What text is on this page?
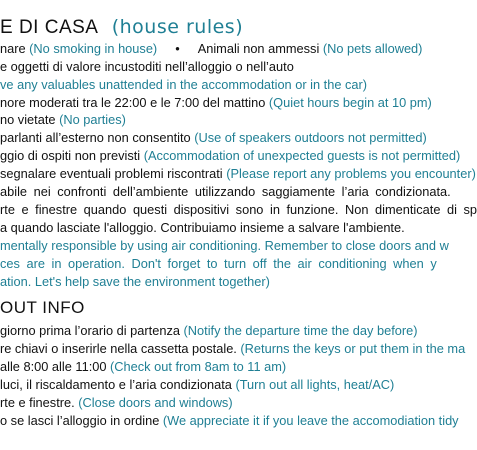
E DI CASA (house rules)
nare (No smoking in house) • Animali non ammessi (No pets allowed)
e oggetti di valore incustoditi nell’alloggio o nell’auto
ve any valuables unattended in the accommodation or in the car)
nore moderati tra le 22:00 e le 7:00 del mattino (Quiet hours begin at 10 pm)
no vietate (No parties)
parlanti all’esterno non consentito (Use of speakers outdoors not permitted)
ggio di ospiti non previsti (Accommodation of unexpected guests is not permitted)
segnalare eventuali problemi riscontrati (Please report any problems you encounter)
abile nei confronti dell’ambiente utilizzando saggiamente l’aria condizionata.
rte e finestre quando questi dispositivi sono in funzione. Non dimenticate di sp
a quando lasciate l'alloggio. Contribuiamo insieme a salvare l'ambiente.
mentally responsible by using air conditioning. Remember to close doors and w
ces are in operation. Don't forget to turn off the air conditioning when y
ation. Let's help save the environment together)
OUT INFO
giorno prima l’orario di partenza (Notify the departure time the day before)
re chiavi o inserirle nella cassetta postale. (Returns the keys or put them in the ma
alle 8:00 alle 11:00 (Check out from 8am to 11 am)
luci, il riscaldamento e l’aria condizionata (Turn out all lights, heat/AC)
rte e finestre. (Close doors and windows)
o se lasci l’alloggio in ordine (We appreciate it if you leave the accomodiation tidy
